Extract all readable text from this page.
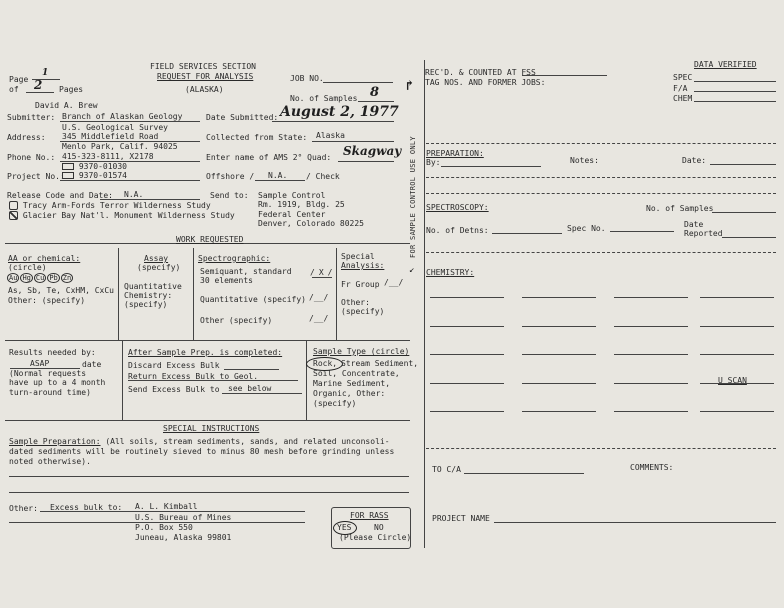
FIELD SERVICES SECTION
REQUEST FOR ANALYSIS
(ALASKA)
Page
1
of 2 Pages
JOB NO.
No. of Samples 8 ↱
David A. Brew
Submitter: Branch of Alaskan Geology	Date Submitted: August 2, 1977
U.S. Geological Survey
Address: 345 Middlefield Road	Collected from State: Alaska
Menlo Park, Calif. 94025
Phone No.: 415-323-8111, X2178	Enter name of AMS 2° Quad: Skagway
9370-01030
Project No.:	9370-01574	Offshore / N.A. / Check
Release Code and Date: N.A.	Send to: Sample Control
Rm. 1919, Bldg. 25
Federal Center
Denver, Colorado 80225
Tracy Arm-Fords Terror Wilderness Study
Glacier Bay Nat'l. Monument Wilderness Study
WORK REQUESTED
AA or chemical:
(circle)
Au Hg Cu Pb Zn
As, Sb, Te, CxHM, CxCu
Other: (specify)
Assay
(specify)
Quantitative
Chemistry:
(specify)
Spectrographic:
Semiquant, standard
30 elements
/ X /
Quantitative (specify) /__/
Other (specify)	/__/
Special
Analysis:
Fr Group /__/
Other:
(specify)
Results needed by:
ASAP	date
(Normal requests
have up to a 4 month
turn-around time)
After Sample Prep. is completed:
Discard Excess Bulk
Return Excess Bulk to Geol.
Send Excess Bulk to see below
Sample Type (circle)
Rock, Stream Sediment,
Soil, Concentrate,
Marine Sediment,
Organic, Other:
(specify)
SPECIAL INSTRUCTIONS
Sample Preparation: (All soils, stream sediments, sands, and related unconsoli-
dated sediments will be routinely sieved to minus 80 mesh before grinding unless
noted otherwise).
Other: Excess bulk to: A. L. Kimball
U.S. Bureau of Mines
P.O. Box 550
Juneau, Alaska 99801
FOR RASS
YES	NO
(Please Circle)
FOR SAMPLE CONTROL USE ONLY
↙
REC'D. & COUNTED AT FSS
TAG NOS. AND FORMER JOBS:
DATA VERIFIED
SPEC
F/A
CHEM
PREPARATION:
By:	Notes:	Date:
SPECTROSCOPY:	No. of Samples
No. of Detns:	Spec No.	Date
Reported
CHEMISTRY:
U SCAN
TO C/A	COMMENTS:
PROJECT NAME
